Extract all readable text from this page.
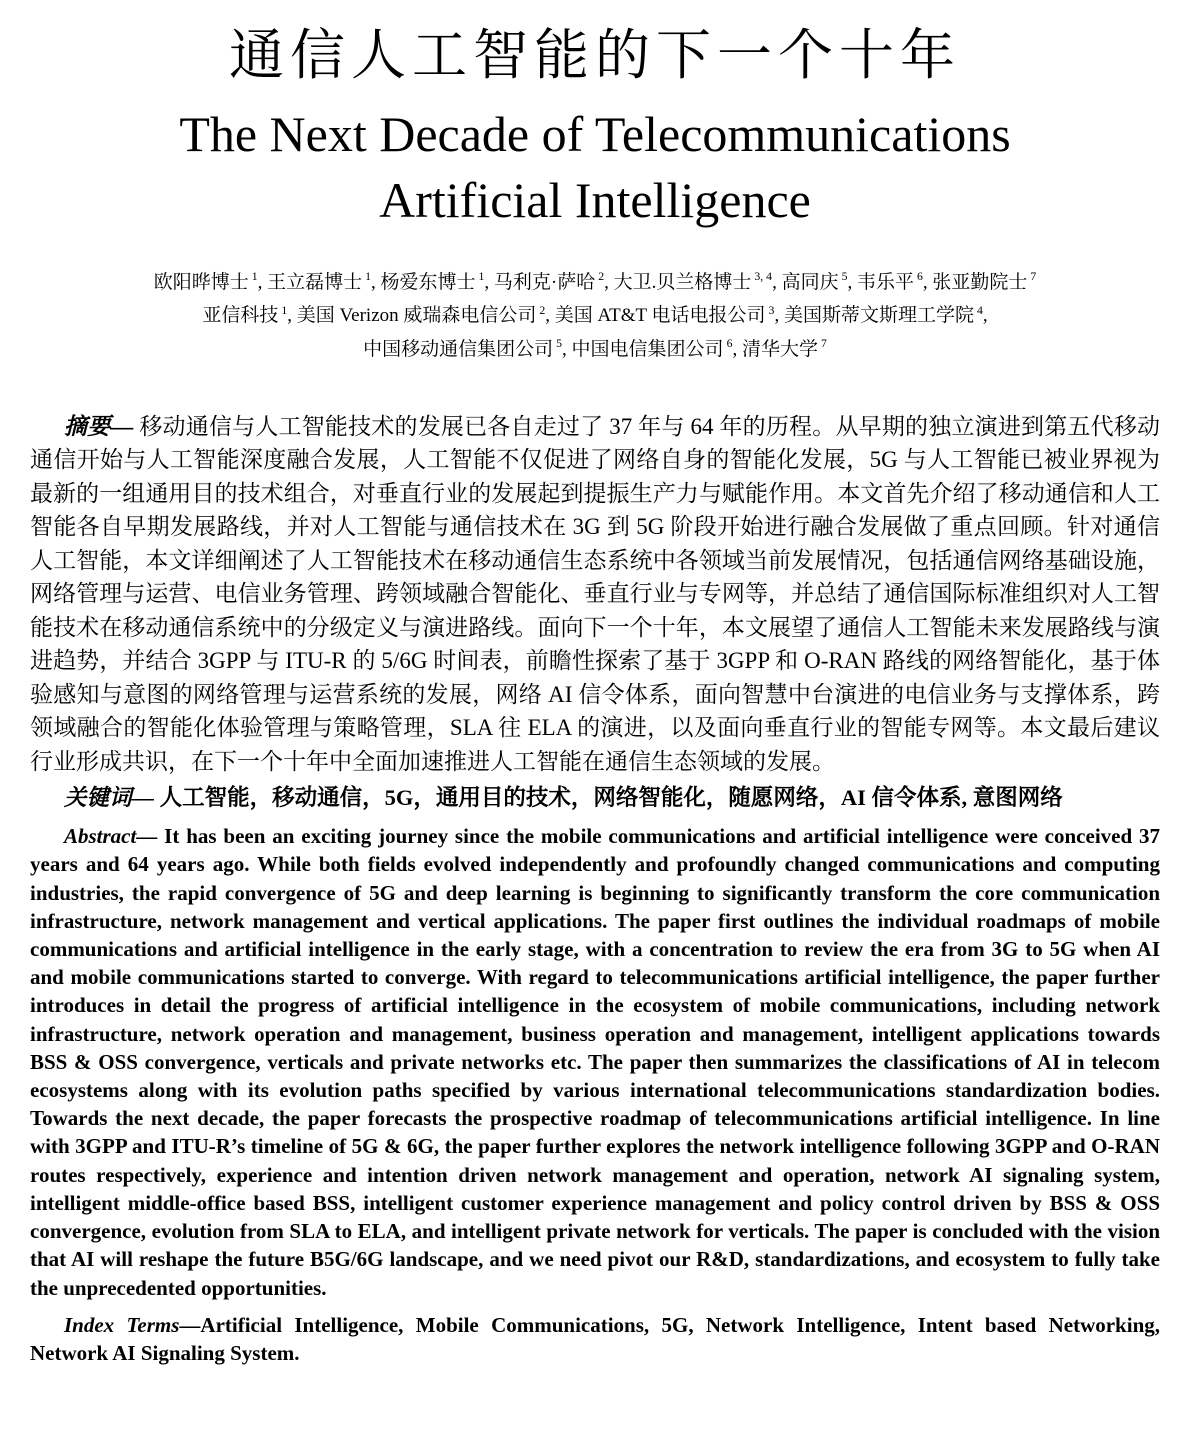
通信人工智能的下一个十年
The Next Decade of Telecommunications
Artificial Intelligence

欧阳晔博士 $^1$, 王立磊博士 $^1$, 杨爱东博士 $^1$, 马利克·萨哈 $^2$, 大卫.贝兰格博士 $^{3, 4}$, 高同庆 $^5$, 韦乐平 $^6$, 张亚勤院士 $^7$

亚信科技 $^1$, 美国 Verizon 威瑞森电信公司 $^2$, 美国 AT&T 电话电报公司 $^3$, 美国斯蒂文斯理工学院 $^4$,
中国移动通信集团公司 $^5$, 中国电信集团公司 $^6$, 清华大学 $^7$

摘要— 移动通信与人工智能技术的发展已各自走过了 37 年与 64 年的历程。从早期的独立演进到第五代移动通信开始与人工智能深度融合发展，人工智能不仅促进了网络自身的智能化发展，5G 与人工智能已被业界视为最新的一组通用目的技术组合，对垂直行业的发展起到提振生产力与赋能作用。本文首先介绍了移动通信和人工智能各自早期发展路线，并对人工智能与通信技术在 3G 到 5G 阶段开始进行融合发展做了重点回顾。针对通信人工智能，本文详细阐述了人工智能技术在移动通信生态系统中各领域当前发展情况，包括通信网络基础设施，网络管理与运营、电信业务管理、跨领域融合智能化、垂直行业与专网等，并总结了通信国际标准组织对人工智能技术在移动通信系统中的分级定义与演进路线。面向下一个十年，本文展望了通信人工智能未来发展路线与演进趋势，并结合 3GPP 与 ITU-R 的 5/6G 时间表，前瞻性探索了基于 3GPP 和 O-RAN 路线的网络智能化，基于体验感知与意图的网络管理与运营系统的发展，网络 AI 信令体系，面向智慧中台演进的电信业务与支撑体系，跨领域融合的智能化体验管理与策略管理，SLA 往 ELA 的演进，以及面向垂直行业的智能专网等。本文最后建议行业形成共识，在下一个十年中全面加速推进人工智能在通信生态领域的发展。

关键词— 人工智能，移动通信，5G，通用目的技术，网络智能化，随愿网络，AI 信令体系, 意图网络

Abstract— It has been an exciting journey since the mobile communications and artificial intelligence were conceived 37 years and 64 years ago. While both fields evolved independently and profoundly changed communications and computing industries, the rapid convergence of 5G and deep learning is beginning to significantly transform the core communication infrastructure, network management and vertical applications. The paper first outlines the individual roadmaps of mobile communications and artificial intelligence in the early stage, with a concentration to review the era from 3G to 5G when AI and mobile communications started to converge. With regard to telecommunications artificial intelligence, the paper further introduces in detail the progress of artificial intelligence in the ecosystem of mobile communications, including network infrastructure, network operation and management, business operation and management, intelligent applications towards BSS & OSS convergence, verticals and private networks etc. The paper then summarizes the classifications of AI in telecom ecosystems along with its evolution paths specified by various international telecommunications standardization bodies. Towards the next decade, the paper forecasts the prospective roadmap of telecommunications artificial intelligence. In line with 3GPP and ITU-R’s timeline of 5G & 6G, the paper further explores the network intelligence following 3GPP and O-RAN routes respectively, experience and intention driven network management and operation, network AI signaling system, intelligent middle-office based BSS, intelligent customer experience management and policy control driven by BSS & OSS convergence, evolution from SLA to ELA, and intelligent private network for verticals. The paper is concluded with the vision that AI will reshape the future B5G/6G landscape, and we need pivot our R&D, standardizations, and ecosystem to fully take the unprecedented opportunities.

Index Terms—Artificial Intelligence, Mobile Communications, 5G, Network Intelligence, Intent based Networking, Network AI Signaling System.
